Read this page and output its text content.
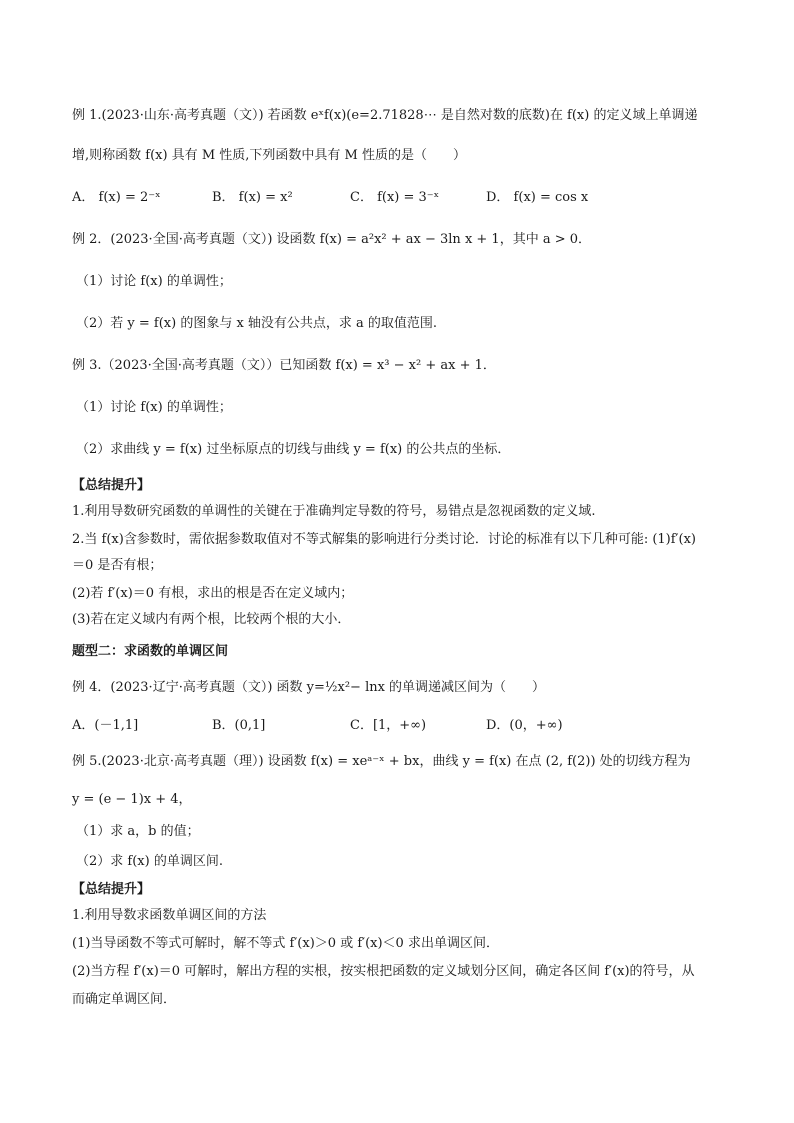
例 1.(2023·山东·高考真题（文）) 若函数 eˣf(x)(e=2.71828⋯ 是自然对数的底数)在 f(x) 的定义域上单调递
增,则称函数 f(x) 具有 M 性质,下列函数中具有 M 性质的是（　　）
A． f(x) = 2⁻ˣ	B． f(x) = x²	C． f(x) = 3⁻ˣ	D． f(x) = cos x
例 2．(2023·全国·高考真题（文）) 设函数 f(x) = a²x² + ax − 3ln x + 1，其中 a > 0．
（1）讨论 f(x) 的单调性；
（2）若 y = f(x) 的图象与 x 轴没有公共点，求 a 的取值范围.
例 3.（2023·全国·高考真题（文））已知函数 f(x) = x³ − x² + ax + 1．
（1）讨论 f(x) 的单调性；
（2）求曲线 y = f(x) 过坐标原点的切线与曲线 y = f(x) 的公共点的坐标．
【总结提升】
1.利用导数研究函数的单调性的关键在于准确判定导数的符号，易错点是忽视函数的定义域.
2.当 f(x)含参数时，需依据参数取值对不等式解集的影响进行分类讨论．讨论的标准有以下几种可能: (1)f′(x)
＝0 是否有根；
(2)若 f′(x)＝0 有根，求出的根是否在定义域内；
(3)若在定义域内有两个根，比较两个根的大小．
题型二：求函数的单调区间
例 4．(2023·辽宁·高考真题（文）) 函数 y=½x²− lnx 的单调递减区间为（　　）
A．(－1,1]	B．(0,1]	C．[1，+∞)	D．(0，+∞)
例 5.(2023·北京·高考真题（理）) 设函数 f(x) = xeᵃ⁻ˣ + bx，曲线 y = f(x) 在点 (2, f(2)) 处的切线方程为
y = (e − 1)x + 4，
（1）求 a，b 的值；
（2）求 f(x) 的单调区间.
【总结提升】
1.利用导数求函数单调区间的方法
(1)当导函数不等式可解时，解不等式 f′(x)＞0 或 f′(x)＜0 求出单调区间．
(2)当方程 f′(x)＝0 可解时，解出方程的实根，按实根把函数的定义域划分区间，确定各区间 f′(x)的符号，从
而确定单调区间．
